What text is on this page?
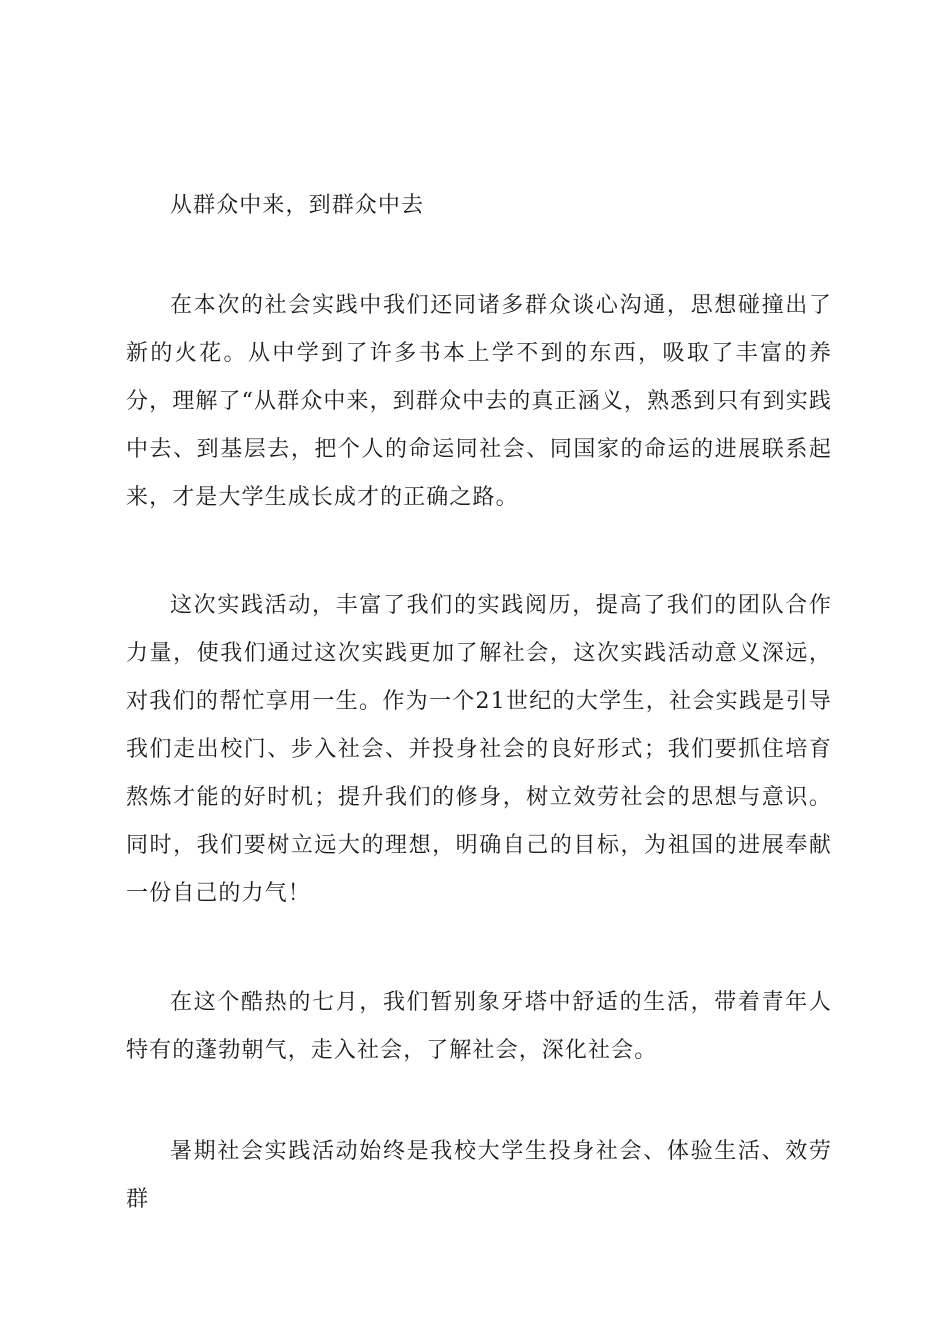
从群众中来，到群众中去

在本次的社会实践中我们还同诸多群众谈心沟通，思想碰撞出了新的火花。从中学到了许多书本上学不到的东西，吸取了丰富的养分，理解了“从群众中来，到群众中去的真正涵义，熟悉到只有到实践中去、到基层去，把个人的命运同社会、同国家的命运的进展联系起来，才是大学生成长成才的正确之路。

这次实践活动，丰富了我们的实践阅历，提高了我们的团队合作力量，使我们通过这次实践更加了解社会，这次实践活动意义深远，对我们的帮忙享用一生。作为一个21世纪的大学生，社会实践是引导我们走出校门、步入社会、并投身社会的良好形式；我们要抓住培育熬炼才能的好时机；提升我们的修身，树立效劳社会的思想与意识。同时，我们要树立远大的理想，明确自己的目标，为祖国的进展奉献一份自己的力气！

在这个酷热的七月，我们暂别象牙塔中舒适的生活，带着青年人特有的蓬勃朝气，走入社会，了解社会，深化社会。

暑期社会实践活动始终是我校大学生投身社会、体验生活、效劳群
